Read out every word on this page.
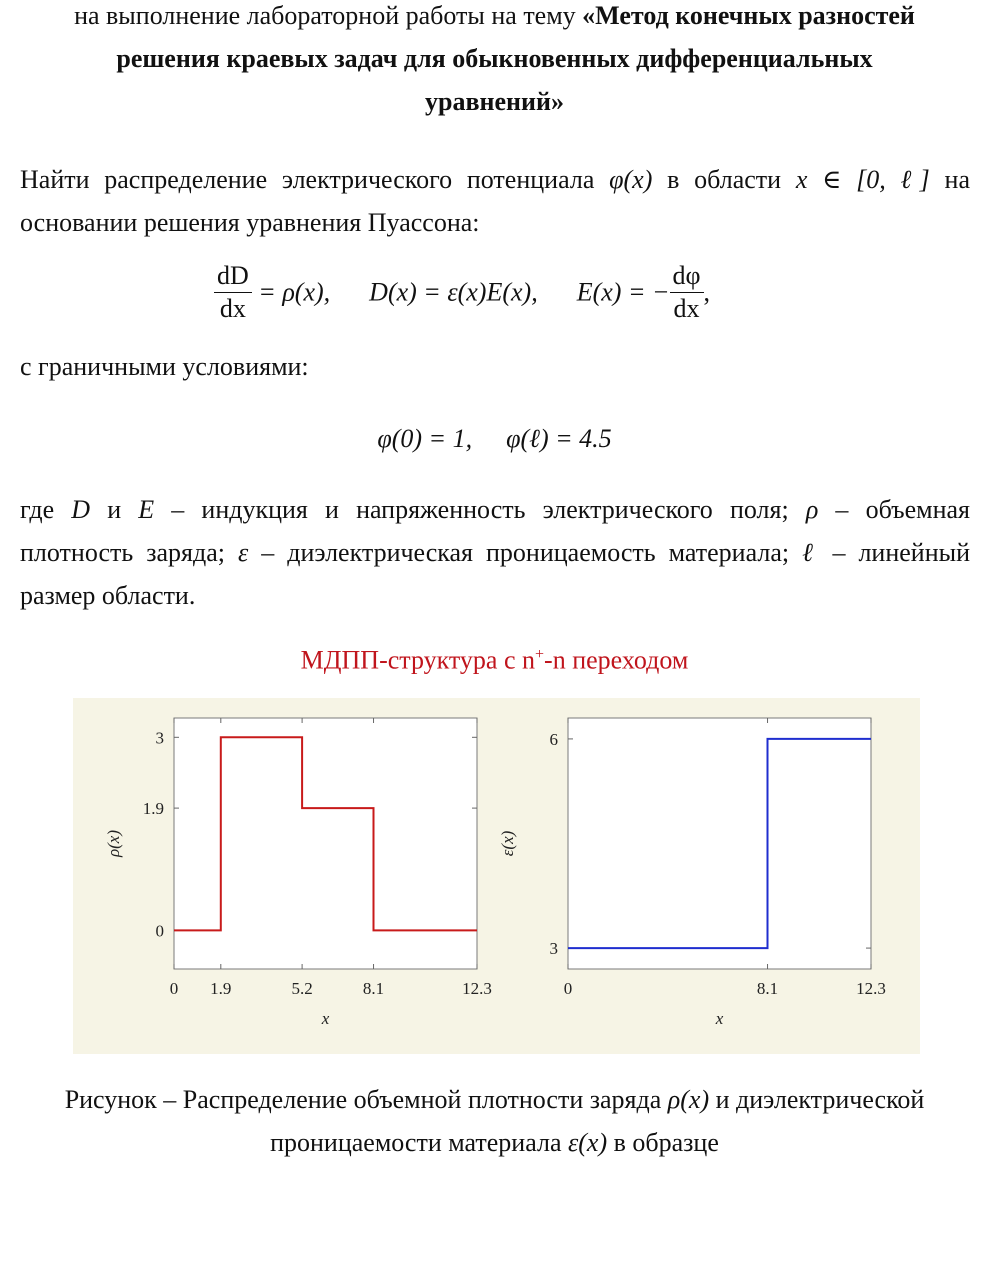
на выполнение лабораторной работы на тему «Метод конечных разностей
решения краевых задач для обыкновенных дифференциальных
уравнений»
Найти распределение электрического потенциала φ(x) в области x ∈ [0, ℓ] на
основании решения уравнения Пуассона:
$\frac{dD}{dx} = \rho(x)$, D(x) = ε(x)E(x), E(x) = − $\frac{d\varphi}{dx}$ ,
с граничными условиями:
φ(0) = 1, φ(ℓ) = 4.5
где D и E – индукция и напряженность электрического поля; ρ – объемная
плотность заряда; ε – диэлектрическая проницаемость материала; ℓ – линейный
размер области.
МДПП-структура с n+-n переходом
0 1.9	5.2	8.1	12.3
0
1.9
3
x
ρ(x)
0	8.1	12.3
3
6
x
ε(x)
Рисунок – Распределение объемной плотности заряда ρ(x) и диэлектрической
проницаемости материала ε(x) в образце
